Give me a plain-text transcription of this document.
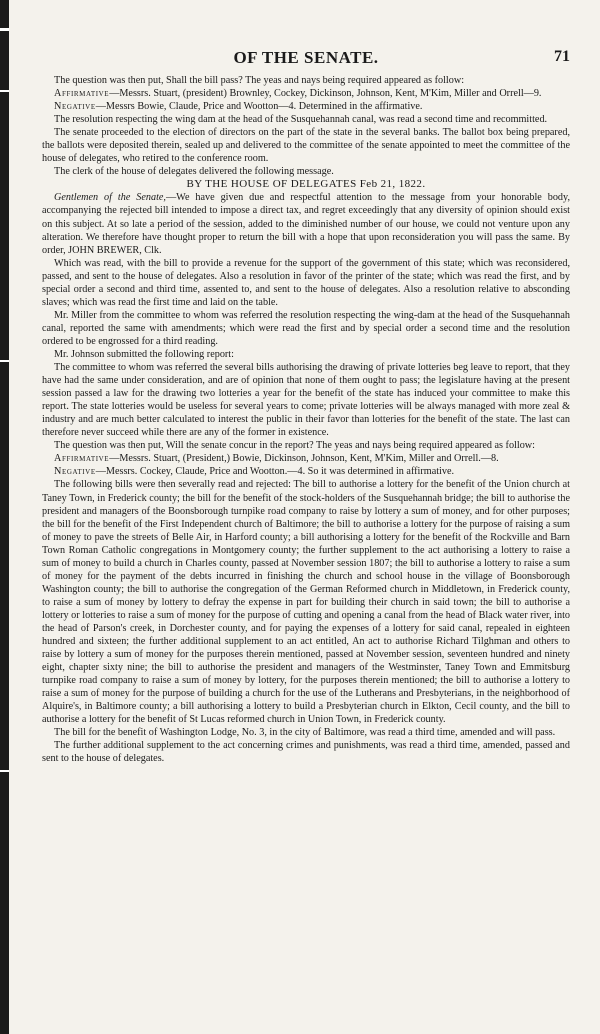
OF THE SENATE.	71

The question was then put, Shall the bill pass? The yeas and nays being required appeared as follow:

Affirmative—Messrs. Stuart, (president) Brownley, Cockey, Dickinson, Johnson, Kent, M'Kim, Miller and Orrell—9.

Negative—Messrs Bowie, Claude, Price and Wootton—4. Determined in the affirmative.

The resolution respecting the wing dam at the head of the Susquehannah canal, was read a second time and recommitted.

The senate proceeded to the election of directors on the part of the state in the several banks. The ballot box being prepared, the ballots were deposited therein, sealed up and delivered to the committee of the senate appointed to meet the committee of the house of delegates, who retired to the conference room.

The clerk of the house of delegates delivered the following message.

BY THE HOUSE OF DELEGATES Feb 21, 1822.

Gentlemen of the Senate,—We have given due and respectful attention to the message from your honorable body, accompanying the rejected bill intended to impose a direct tax, and regret exceedingly that any diversity of opinion should exist on this subject. At so late a period of the session, added to the diminished number of our house, we could not venture upon any alteration. We therefore have thought proper to return the bill with a hope that upon reconsideration you will pass the same. By order, JOHN BREWER, Clk.

Which was read, with the bill to provide a revenue for the support of the government of this state; which was reconsidered, passed, and sent to the house of delegates. Also a resolution in favor of the printer of the state; which was read the first, and by special order a second and third time, assented to, and sent to the house of delegates. Also a resolution relative to absconding slaves; which was read the first time and laid on the table.

Mr. Miller from the committee to whom was referred the resolution respecting the wing-dam at the head of the Susquehannah canal, reported the same with amendments; which were read the first and by special order a second time and the resolution ordered to be engrossed for a third reading.

Mr. Johnson submitted the following report:

The committee to whom was referred the several bills authorising the drawing of private lotteries beg leave to report, that they have had the same under consideration, and are of opinion that none of them ought to pass; the legislature having at the present session passed a law for the drawing two lotteries a year for the benefit of the state has induced your committee to make this report. The state lotteries would be useless for several years to come; private lotteries will be always managed with more zeal & industry and are much better calculated to interest the public in their favor than lotteries for the benefit of the state. The last can therefore never succeed while there are any of the former in existence.

The question was then put, Will the senate concur in the report? The yeas and nays being required appeared as follow:

Affirmative—Messrs. Stuart, (President,) Bowie, Dickinson, Johnson, Kent, M'Kim, Miller and Orrell.—8.

Negative—Messrs. Cockey, Claude, Price and Wootton.—4. So it was determined in affirmative.

The following bills were then severally read and rejected: The bill to authorise a lottery for the benefit of the Union church at Taney Town, in Frederick county; the bill for the benefit of the stock-holders of the Susquehannah bridge; the bill to authorise the president and managers of the Boonsborough turnpike road company to raise by lottery a sum of money, and for other purposes; the bill for the benefit of the First Independent church of Baltimore; the bill to authorise a lottery for the purpose of raising a sum of money to pave the streets of Belle Air, in Harford county; a bill authorising a lottery for the benefit of the Rockville and Barn Town Roman Catholic congregations in Montgomery county; the further supplement to the act authorising a lottery to raise a sum of money to build a church in Charles county, passed at November session 1807; the bill to authorise a lottery to raise a sum of money for the payment of the debts incurred in finishing the church and school house in the village of Boonsborough Washington county; the bill to authorise the congregation of the German Reformed church in Middletown, in Frederick county, to raise a sum of money by lottery to defray the expense in part for building their church in said town; the bill to authorise a lottery or lotteries to raise a sum of money for the purpose of cutting and opening a canal from the head of Black water river, into the head of Parson's creek, in Dorchester county, and for paying the expenses of a lottery for said canal, repealed in eighteen hundred and sixteen; the further additional supplement to an act entitled, An act to authorise Richard Tilghman and others to raise by lottery a sum of money for the purposes therein mentioned, passed at November session, seventeen hundred and ninety eight, chapter sixty nine; the bill to authorise the president and managers of the Westminster, Taney Town and Emmitsburg turnpike road company to raise a sum of money by lottery, for the purposes therein mentioned; the bill to authorise a lottery to raise a sum of money for the purpose of building a church for the use of the Lutherans and Presbyterians, in the neighborhood of Alquire's, in Baltimore county; a bill authorising a lottery to build a Presbyterian church in Elkton, Cecil county, and the bill to authorise a lottery for the benefit of St Lucas reformed church in Union Town, in Frederick county.

The bill for the benefit of Washington Lodge, No. 3, in the city of Baltimore, was read a third time, amended and will pass.

The further additional supplement to the act concerning crimes and punishments, was read a third time, amended, passed and sent to the house of delegates.
